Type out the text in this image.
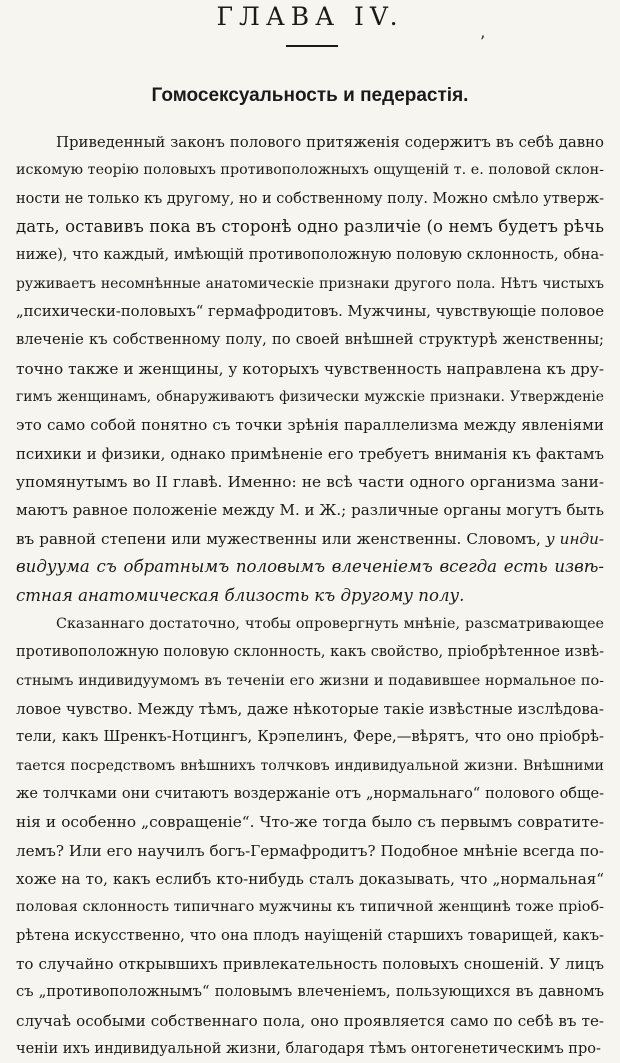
ГЛАВА IV.
’
Гомосексуальность и педерастія.
Приведенный законъ полового притяженія содержитъ въ себѣ давно
искомую теорію половыхъ противоположныхъ ощущеній т. е. половой склон-
ности не только къ другому, но и собственному полу. Можно смѣло утверж-
дать, оставивъ пока въ сторонѣ одно различіе (о немъ будетъ рѣчь
ниже), что каждый, имѣющій противоположную половую склонность, обна-
руживаетъ несомнѣнные анатомическіе признаки другого пола. Нѣтъ чистыхъ
„психически-половыхъ“ гермафродитовъ. Мужчины, чувствующіе половое
влеченіе къ собственному полу, по своей внѣшней структурѣ женственны;
точно также и женщины, у которыхъ чувственность направлена къ дру-
гимъ женщинамъ, обнаруживаютъ физически мужскіе признаки. Утвержденіе
это само собой понятно съ точки зрѣнія параллелизма между явленіями
психики и физики, однако примѣненіе его требуетъ вниманія къ фактамъ
упомянутымъ во II главѣ. Именно: не всѣ части одного организма зани-
маютъ равное положеніе между М. и Ж.; различные органы могутъ быть
въ равной степени или мужественны или женственны. Словомъ, у инди-
видуума съ обратнымъ половымъ влеченіемъ всегда есть извѣ-
стная анатомическая близость къ другому полу.
Сказаннаго достаточно, чтобы опровергнуть мнѣніе, разсматривающее
противоположную половую склонность, какъ свойство, пріобрѣтенное извѣ-
стнымъ индивидуумомъ въ теченіи его жизни и подавившее нормальное по-
ловое чувство. Между тѣмъ, даже нѣкоторые такіе извѣстные изслѣдова-
тели, какъ Шренкъ-Нотцингъ, Крэпелинъ, Фере,—вѣрятъ, что оно пріобрѣ-
тается посредствомъ внѣшнихъ толчковъ индивидуальной жизни. Внѣшними
же толчками они считаютъ воздержаніе отъ „нормальнаго“ полового обще-
нія и особенно „совращеніе“. Что-же тогда было съ первымъ совратите-
лемъ? Или его научилъ богъ-Гермафродитъ? Подобное мнѣніе всегда по-
хоже на то, какъ еслибъ кто-нибудь сталъ доказывать, что „нормальная“
половая склонность типичнаго мужчины къ типичной женщинѣ тоже пріоб-
рѣтена искусственно, что она плодъ науіщеній старшихъ товарищей, какъ-
то случайно открывшихъ привлекательность половыхъ сношеній. У лицъ
съ „противоположнымъ“ половымъ влеченіемъ, пользующихся въ давномъ
случаѣ особыми собственнаго пола, оно проявляется само по себѣ въ те-
ченіи ихъ индивидуальной жизни, благодаря тѣмъ онтогенетическимъ про-
